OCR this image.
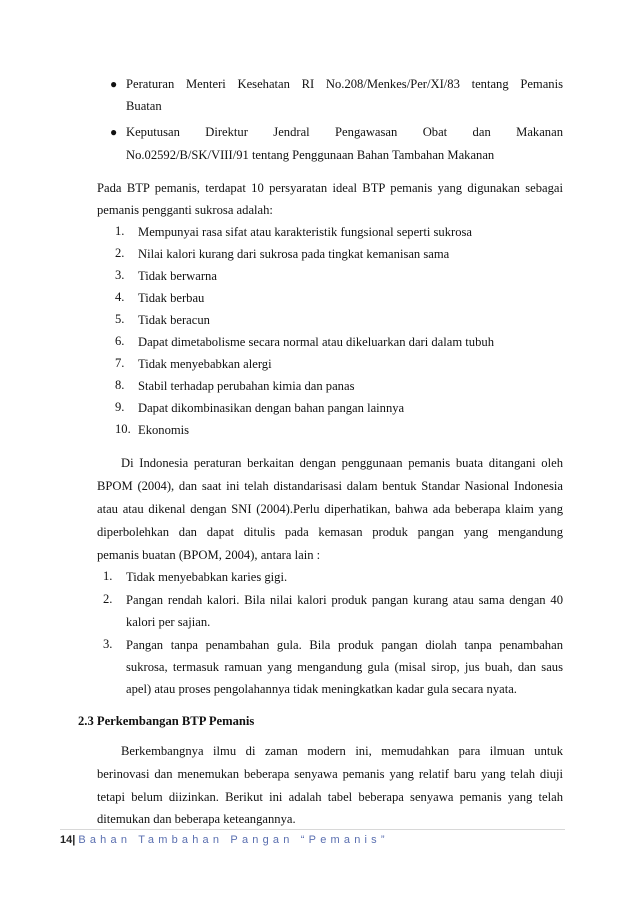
● Peraturan Menteri Kesehatan RI No.208/Menkes/Per/XI/83 tentang Pemanis
Buatan
● Keputusan Direktur Jendral Pengawasan Obat dan Makanan
No.02592/B/SK/VIII/91 tentang Penggunaan Bahan Tambahan Makanan
Pada BTP pemanis, terdapat 10 persyaratan ideal BTP pemanis yang digunakan sebagai
pemanis pengganti sukrosa adalah:
1. Mempunyai rasa sifat atau karakteristik fungsional seperti sukrosa
2. Nilai kalori kurang dari sukrosa pada tingkat kemanisan sama
3. Tidak berwarna
4. Tidak berbau
5. Tidak beracun
6. Dapat dimetabolisme secara normal atau dikeluarkan dari dalam tubuh
7. Tidak menyebabkan alergi
8. Stabil terhadap perubahan kimia dan panas
9. Dapat dikombinasikan dengan bahan pangan lainnya
10. Ekonomis
Di Indonesia peraturan berkaitan dengan penggunaan pemanis buata ditangani oleh
BPOM (2004), dan saat ini telah distandarisasi dalam bentuk Standar Nasional Indonesia
atau atau dikenal dengan SNI (2004).Perlu diperhatikan, bahwa ada beberapa klaim yang
diperbolehkan dan dapat ditulis pada kemasan produk pangan yang mengandung
pemanis buatan (BPOM, 2004), antara lain :
1. Tidak menyebabkan karies gigi.
2. Pangan rendah kalori. Bila nilai kalori produk pangan kurang atau sama dengan 40
kalori per sajian.
3. Pangan tanpa penambahan gula. Bila produk pangan diolah tanpa penambahan
sukrosa, termasuk ramuan yang mengandung gula (misal sirop, jus buah, dan saus
apel) atau proses pengolahannya tidak meningkatkan kadar gula secara nyata.
2.3 Perkembangan BTP Pemanis
Berkembangnya ilmu di zaman modern ini, memudahkan para ilmuan untuk
berinovasi dan menemukan beberapa senyawa pemanis yang relatif baru yang telah diuji
tetapi belum diizinkan. Berikut ini adalah tabel beberapa senyawa pemanis yang telah
ditemukan dan beberapa keteangannya.
14| Bahan Tambahan Pangan “Pemanis”
